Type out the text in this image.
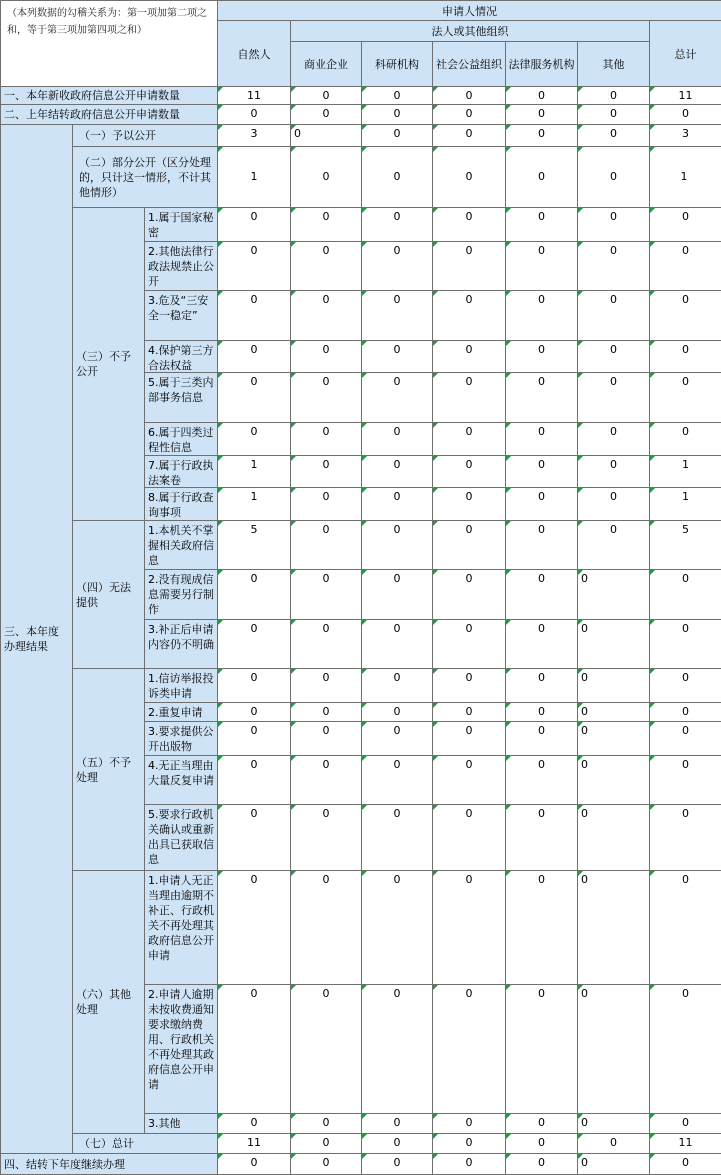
（本列数据的勾稽关系为：第一项加第二项之和，等于第三项加第四项之和）
申请人情况
自然人
法人或其他组织
商业企业	科研机构	社会公益组织 法律服务机构	其他
总计
一、本年新收政府信息公开申请数量	11	0	0	0	0	0	11
二、上年结转政府信息公开申请数量	0	0	0	0	0	0	0
三、本年度办理结果
（一）予以公开	3	0	0	0	0	0	3
（二）部分公开（区分处理的，只计这一情形，不计其他情形）
1	0	0	0	0	0	1
（三）不予公开
1.属于国家秘密
0	0	0	0	0	0	0
2.其他法律行政法规禁止公开
0	0	0	0	0	0	0
3.危及“三安全一稳定”
0	0	0	0	0	0	0
4.保护第三方合法权益
0	0	0	0	0	0	0
5.属于三类内部事务信息
0	0	0	0	0	0	0
6.属于四类过程性信息
0	0	0	0	0	0	0
7.属于行政执法案卷
1	0	0	0	0	0	1
8.属于行政查询事项
1	0	0	0	0	0	1
（四）无法提供
1.本机关不掌握相关政府信息
5	0	0	0	0	0	5
2.没有现成信息需要另行制作
0	0	0	0	0	0	0
3.补正后申请内容仍不明确
0	0	0	0	0	0	0
（五）不予处理
1.信访举报投诉类申请
0	0	0	0	0	0	0
2.重复申请	0	0	0	0	0	0	0
3.要求提供公开出版物
0	0	0	0	0	0	0
4.无正当理由大量反复申请
0	0	0	0	0	0	0
5.要求行政机关确认或重新出具已获取信息
0	0	0	0	0	0	0
（六）其他处理
1.申请人无正当理由逾期不补正、行政机关不再处理其政府信息公开申请
0	0	0	0	0	0	0
2.申请人逾期未按收费通知要求缴纳费用、行政机关不再处理其政府信息公开申请
0	0	0	0	0	0	0
3.其他	0	0	0	0	0	0	0
（七）总计	11	0	0	0	0	0	11
四、结转下年度继续办理	0	0	0	0	0	0	0
